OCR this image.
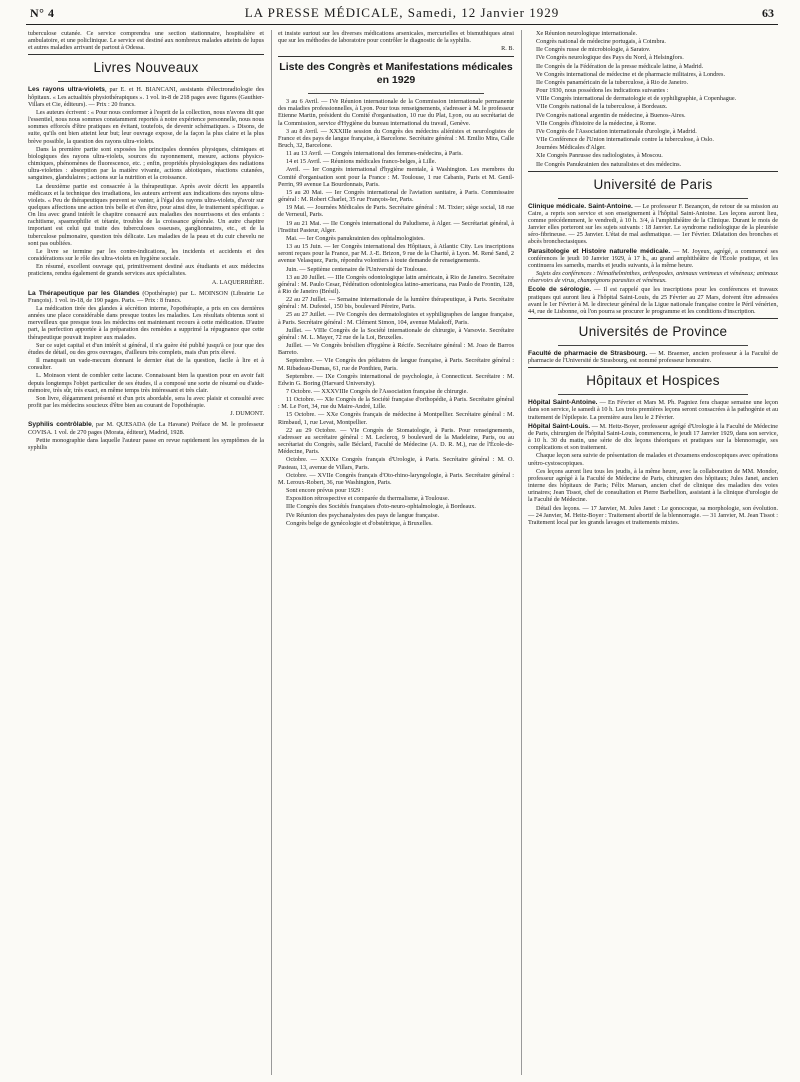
N° 4	LA PRESSE MÉDICALE, Samedi, 12 Janvier 1929	63

tuberculose cutanée. Ce service comprendra une section stationnaire, hospitalière et ambulatoire, et une policlinique. Le service est destiné aux nombreux malades atteints de lupus et autres maladies arrivant de partout à Odessa.

Livres Nouveaux

Les rayons ultra-violets, par E. et H. BIANCANI, assistants d'électroradiologie des hôpitaux. « Les actualités physiothérapiques ». 1 vol. in-8 de 218 pages avec figures (Gauthier-Villars et Cie, éditeurs). — Prix : 20 francs.

Les auteurs écrivent : « Pour nous conformer à l'esprit de la collection, nous n'avons dit que l'essentiel, nous nous sommes constamment reportés à notre expérience personnelle, nous nous sommes efforcés d'être pratiques en évitant, toutefois, de devenir schématiques. » Disons, de suite, qu'ils ont bien atteint leur but; leur ouvrage expose, de la façon la plus claire et la plus brève possible, la question des rayons ultra-violets.

Dans la première partie sont exposées les principales données physiques, chimiques et biologiques des rayons ultra-violets, sources du rayonnement, mesure, actions physico-chimiques, phénomènes de fluorescence, etc. ; enfin, propriétés physiologiques des radiations ultra-violettes : absorption par la matière vivante, actions abiotiques, réactions cutanées, sanguines, glandulaires ; actions sur la nutrition et la croissance.

La deuxième partie est consacrée à la thérapeutique. Après avoir décrit les appareils médicaux et la technique des irradiations, les auteurs arrivent aux indications des rayons ultra-violets. « Peu de thérapeutiques peuvent se vanter, à l'égal des rayons ultra-violets, d'avoir sur quelques affections une action très belle et d'en être, pour ainsi dire, le traitement spécifique. » On lira avec grand intérêt le chapitre consacré aux maladies des nourrissons et des enfants : rachitisme, spasmophilie et tétanie, troubles de la croissance générale. Un autre chapitre important est celui qui traite des tuberculoses osseuses, ganglionnaires, etc., et de la tuberculose pulmonaire, question très délicate. Les maladies de la peau et du cuir chevelu ne sont pas oubliées.

Le livre se termine par les contre-indications, les incidents et accidents et des considérations sur le rôle des ultra-violets en hygiène sociale.

En résumé, excellent ouvrage qui, primitivement destiné aux étudiants et aux médecins praticiens, rendra également de grands services aux spécialistes.

A. LAQUERRIÈRE.

La Thérapeutique par les Glandes (Opothérapie) par L. MOINSON (Librairie Le François). 1 vol. in-18, de 190 pages. Paris. — Prix : 8 francs.

La médication tirée des glandes à sécrétion interne, l'opothérapie, a pris en ces dernières années une place considérable dans presque toutes les maladies. Les résultats obtenus sont si merveilleux que presque tous les médecins ont maintenant recours à cette médication. D'autre part, la perfection apportée à la préparation des remèdes a supprimé la répugnance que cette thérapeutique pouvait inspirer aux malades.

Sur ce sujet capital et d'un intérêt si général, il n'a guère été publié jusqu'à ce jour que des études de détail, ou des gros ouvrages, d'ailleurs très complets, mais d'un prix élevé.

Il manquait un vade-mecum donnant le dernier état de la question, facile à lire et à consulter.

L. Moinson vient de combler cette lacune. Connaissant bien la question pour en avoir fait depuis longtemps l'objet particulier de ses études, il a composé une sorte de résumé ou d'aide-mémoire, très sûr, très exact, en même temps très intéressant et très clair.

Son livre, élégamment présenté et d'un prix abordable, sera lu avec plaisir et consulté avec profit par les médecins soucieux d'être bien au courant de l'opothérapie.

J. DUMONT.

Syphilis contrôlable, par M. QUESADA (de La Havane) Préface de M. le professeur COVISA. 1 vol. de 270 pages (Morata, éditeur), Madrid, 1928.

Petite monographie dans laquelle l'auteur passe en revue rapidement les symptômes de la syphilis

et insiste surtout sur les diverses médications arsenicales, mercurielles et bismuthiques ainsi que sur les méthodes de laboratoire pour contrôler le diagnostic de la syphilis.

R. B.

Liste des Congrès et Manifestations médicales en 1929

3 au 6 Avril. — IVe Réunion internationale de la Commission internationale permanente des maladies professionnelles, à Lyon. Pour tous renseignements, s'adresser à M. le professeur Etienne Martin, président du Comité d'organisation, 10 rue du Plat, Lyon, ou au secrétariat de la Commission, service d'Hygiène du bureau international du travail, Genève.

3 au 8 Avril. — XXXIIIe session du Congrès des médecins aliénistes et neurologistes de France et des pays de langue française, à Barcelone. Secrétaire général : M. Emilio Mira, Calle Bruch, 32, Barcelone.

11 au 13 Avril. — Congrès international des femmes-médecins, à Paris.

14 et 15 Avril. — Réunions médicales franco-belges, à Lille.

Avril. — Ier Congrès international d'hygiène mentale, à Washington. Les membres du Comité d'organisation sont pour la France : M. Toulouse, 1 rue Cabanis, Paris et M. Genil-Perrin, 99 avenue La Bourdonnais, Paris.

15 au 20 Mai. — Ier Congrès international de l'aviation sanitaire, à Paris. Commissaire général : M. Robert Charlet, 35 rue François-Ier, Paris.

19 Mai. — Journées Médicales de Paris. Secrétaire général : M. Tixier; siège social, 18 rue de Verneuil, Paris.

19 au 21 Mai. — IIe Congrès international du Paludisme, à Alger. — Secrétariat général, à l'Institut Pasteur, Alger.

Mai. — Ier Congrès panukrainien des ophtalmologistes.

13 au 15 Juin. — Ier Congrès international des Hôpitaux, à Atlantic City. Les inscriptions seront reçues pour la France, par M. J.-E. Brizon, 9 rue de la Charité, à Lyon. M. René Sand, 2 avenue Velasquez, Paris, répondra volontiers à toute demande de renseignements.

Juin. — Septième centenaire de l'Université de Toulouse.

13 au 20 Juillet. — IIIe Congrès odontologique latin américain, à Rio de Janeiro. Secrétaire général : M. Paulo Cesar, Fédération odontologica latino-americana, rua Paulo de Frontin, 128, à Rio de Janeiro (Brésil).

22 au 27 Juillet. — Semaine internationale de la lumière thérapeutique, à Paris. Secrétaire général : M. Dufestel, 150 bis, boulevard Péreire, Paris.

25 au 27 Juillet. — IVe Congrès des dermatologistes et syphiligraphes de langue française, à Paris. Secrétaire général : M. Clément Simon, 104, avenue Malakoff, Paris.

Juillet. — VIIIe Congrès de la Société internationale de chirurgie, à Varsovie. Secrétaire général : M. L. Mayer, 72 rue de la Loi, Bruxelles.

Juillet. — Ve Congrès brésilien d'hygiène à Récife. Secrétaire général : M. Joao de Barros Barreto.

Septembre. — VIe Congrès des pédiatres de langue française, à Paris. Secrétaire général : M. Ribadeau-Dumas, 61, rue de Ponthieu, Paris.

Septembre. — IXe Congrès international de psychologie, à Connecticut. Secrétaire : M. Edwin G. Boring (Harvard University).

7 Octobre. — XXXVIIIe Congrès de l'Association française de chirurgie.

11 Octobre. — XIe Congrès de la Société française d'orthopédie, à Paris. Secrétaire général : M. Le Fort, 34, rue du Maire-André, Lille.

15 Octobre. — XXe Congrès français de médecine à Montpellier. Secrétaire général : M. Rimbaud, 1, rue Levat, Montpellier.

22 au 29 Octobre. — VIe Congrès de Stomatologie, à Paris. Pour renseignements, s'adresser au secrétaire général : M. Leclercq, 9 boulevard de la Madeleine, Paris, ou au secrétariat du Congrès, salle Béclard, Faculté de Médecine (A. D. R. M.), rue de l'École-de-Médecine, Paris.

Octobre. — XXIXe Congrès français d'Urologie, à Paris. Secrétaire général : M. O. Pasteau, 13, avenue de Villars, Paris.

Octobre. — XVIIe Congrès français d'Oto-rhino-laryngologie, à Paris. Secrétaire général : M. Leroux-Robert, 36, rue Washington, Paris.

Sont encore prévus pour 1929 :

Exposition rétrospective et comparée du thermalisme, à Toulouse.

IIIe Congrès des Sociétés françaises d'oto-neuro-ophtalmologie, à Bordeaux.

IVe Réunion des psychanalystes des pays de langue française.

Congrès belge de gynécologie et d'obstétrique, à Bruxelles.

Xe Réunion neurologique internationale.

Congrès national de médecine portugais, à Coimbra.

IIe Congrès russe de microbiologie, à Saratov.

IVe Congrès neurologique des Pays du Nord, à Helsingfors.

IIe Congrès de la Fédération de la presse médicale latine, à Madrid.

Ve Congrès international de médecine et de pharmacie militaires, à Londres.

IIe Congrès panaméricain de la tuberculose, à Rio de Janeiro.

Pour 1930, nous possédons les indications suivantes :

VIIIe Congrès international de dermatologie et de syphiligraphie, à Copenhague.

VIIe Congrès national de la tuberculose, à Bordeaux.

IVe Congrès national argentin de médecine, à Buenos-Aires.

VIIe Congrès d'histoire de la médecine, à Rome.

IVe Congrès de l'Association internationale d'urologie, à Madrid.

VIIe Conférence de l'Union internationale contre la tuberculose, à Oslo.

Journées Médicales d'Alger.

XIe Congrès Panrusse des radiologistes, à Moscou.

IIe Congrès Panukrainien des naturalistes et des médecins.

Université de Paris

Clinique médicale. Saint-Antoine. — Le professeur F. Bezançon, de retour de sa mission au Caire, a repris son service et son enseignement à l'hôpital Saint-Antoine. Les leçons auront lieu, comme précédemment, le vendredi, à 10 h. 3/4, à l'amphithéâtre de la Clinique. Durant le mois de Janvier elles porteront sur les sujets suivants : 18 Janvier. Le syndrome radiologique de la pleurésie séro-fibrineuse. — 25 Janvier. L'état de mal asthmatique. — 1er Février. Dilatation des bronches et abcès bronchectasiques.

Parasitologie et Histoire naturelle médicale. — M. Joyeux, agrégé, a commencé ses conférences le jeudi 10 Janvier 1929, à 17 h., au grand amphithéâtre de l'École pratique, et les continuera les samedis, mardis et jeudis suivants, à la même heure.

Sujets des conférences : Némathelminthes, arthropodes, animaux venimeux et vénéneux; animaux réservoirs de virus, champignons parasites et vénéneux.

Ecole de sérologie. — Il est rappelé que les inscriptions pour les conférences et travaux pratiques qui auront lieu à l'hôpital Saint-Louis, du 25 Février au 27 Mars, doivent être adressées avant le 1er Février à M. le directeur général de la Ligue nationale française contre le Péril vénérien, 44, rue de Lisbonne, où l'on pourra se procurer le programme et les conditions d'inscription.

Universités de Province

Faculté de pharmacie de Strasbourg. — M. Braemer, ancien professeur à la Faculté de pharmacie de l'Université de Strasbourg, est nommé professeur honoraire.

Hôpitaux et Hospices

Hôpital Saint-Antoine. — En Février et Mars M. Ph. Pagniez fera chaque semaine une leçon dans son service, le samedi à 10 h. Les trois premières leçons seront consacrées à la pathogénie et au traitement de l'épilepsie. La première aura lieu le 2 Février.

Hôpital Saint-Louis. — M. Heitz-Boyer, professeur agrégé d'Urologie à la Faculté de Médecine de Paris, chirurgien de l'hôpital Saint-Louis, commencera, le jeudi 17 Janvier 1929, dans son service, à 10 h. 30 du matin, une série de dix leçons théoriques et pratiques sur la blennorragie, ses complications et son traitement.

Chaque leçon sera suivie de présentation de malades et d'examens endoscopiques avec opérations urétro-cystoscopiques.

Ces leçons auront lieu tous les jeudis, à la même heure, avec la collaboration de MM. Mondor, professeur agrégé à la Faculté de Médecine de Paris, chirurgien des hôpitaux; Jules Janet, ancien interne des hôpitaux de Paris; Félix Marsan, ancien chef de clinique des maladies des voies urinaires; Jean Tissot, chef de consultation et Pierre Barbellion, assistant à la clinique d'urologie de la Faculté de Médecine.

Détail des leçons. — 17 Janvier, M. Jules Janet : Le gonocoque, sa morphologie, son évolution. — 24 Janvier, M. Heitz-Boyer : Traitement abortif de la blennorragie. — 31 Janvier, M. Jean Tissot : Traitement local par les grands lavages et traitements mixtes.
